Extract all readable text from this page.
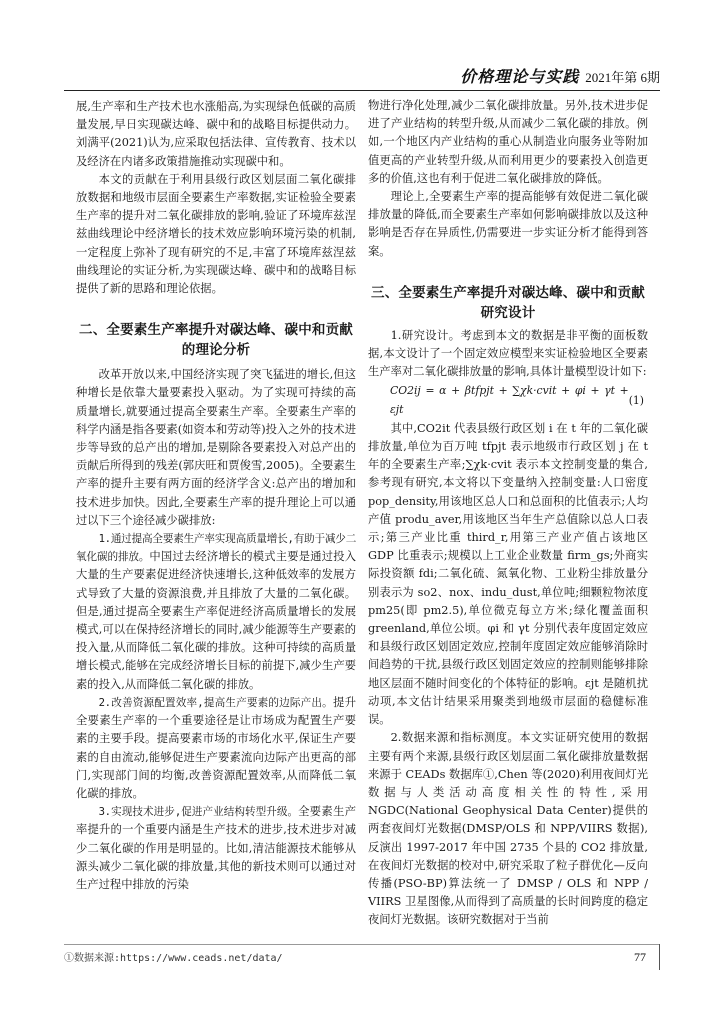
价格理论与实践 2021年第 6期

展,生产率和生产技术也水涨船高,为实现绿色低碳的高质量发展,早日实现碳达峰、碳中和的战略目标提供动力。刘满平(2021)认为,应采取包括法律、宣传教育、技术以及经济在内诸多政策措施推动实现碳中和。

本文的贡献在于利用县级行政区划层面二氧化碳排放数据和地级市层面全要素生产率数据,实证检验全要素生产率的提升对二氧化碳排放的影响,验证了环境库兹涅兹曲线理论中经济增长的技术效应影响环境污染的机制,一定程度上弥补了现有研究的不足,丰富了环境库兹涅兹曲线理论的实证分析,为实现碳达峰、碳中和的战略目标提供了新的思路和理论依据。

二、全要素生产率提升对碳达峰、碳中和贡献的理论分析

改革开放以来,中国经济实现了突飞猛进的增长,但这种增长是依靠大量要素投入驱动。为了实现可持续的高质量增长,就要通过提高全要素生产率。全要素生产率的科学内涵是指各要素(如资本和劳动等)投入之外的技术进步等导致的总产出的增加,是剔除各要素投入对总产出的贡献后所得到的残差(郭庆旺和贾俊雪,2005)。全要素生产率的提升主要有两方面的经济学含义:总产出的增加和技术进步加快。因此,全要素生产率的提升理论上可以通过以下三个途径减少碳排放:

1.通过提高全要素生产率实现高质量增长,有助于减少二氧化碳的排放。中国过去经济增长的模式主要是通过投入大量的生产要素促进经济快速增长,这种低效率的发展方式导致了大量的资源浪费,并且排放了大量的二氧化碳。但是,通过提高全要素生产率促进经济高质量增长的发展模式,可以在保持经济增长的同时,减少能源等生产要素的投入量,从而降低二氧化碳的排放。这种可持续的高质量增长模式,能够在完成经济增长目标的前提下,减少生产要素的投入,从而降低二氧化碳的排放。

2.改善资源配置效率,提高生产要素的边际产出。提升全要素生产率的一个重要途径是让市场成为配置生产要素的主要手段。提高要素市场的市场化水平,保证生产要素的自由流动,能够促进生产要素流向边际产出更高的部门,实现部门间的均衡,改善资源配置效率,从而降低二氧化碳的排放。

3.实现技术进步,促进产业结构转型升级。全要素生产率提升的一个重要内涵是生产技术的进步,技术进步对减少二氧化碳的作用是明显的。比如,清洁能源技术能够从源头减少二氧化碳的排放量,其他的新技术则可以通过对生产过程中排放的污染

物进行净化处理,减少二氧化碳排放量。另外,技术进步促进了产业结构的转型升级,从而减少二氧化碳的排放。例如,一个地区内产业结构的重心从制造业向服务业等附加值更高的产业转型升级,从而利用更少的要素投入创造更多的价值,这也有利于促进二氧化碳排放的降低。

理论上,全要素生产率的提高能够有效促进二氧化碳排放量的降低,而全要素生产率如何影响碳排放以及这种影响是否存在异质性,仍需要进一步实证分析才能得到答案。

三、全要素生产率提升对碳达峰、碳中和贡献研究设计

1.研究设计。考虑到本文的数据是非平衡的面板数据,本文设计了一个固定效应模型来实证检验地区全要素生产率对二氧化碳排放量的影响,具体计量模型设计如下:

CO2ij = α + βtfpjt + ∑χk·cvit + φi + γt + εjt
(1)

其中,CO2it 代表县级行政区划 i 在 t 年的二氧化碳排放量,单位为百万吨 tfpjt 表示地级市行政区划 j 在 t 年的全要素生产率;∑χk·cvit 表示本文控制变量的集合,参考现有研究,本文将以下变量纳入控制变量:人口密度 pop_density,用该地区总人口和总面积的比值表示;人均产值 produ_aver,用该地区当年生产总值除以总人口表示;第三产业比重 third_r,用第三产业产值占该地区 GDP 比重表示;规模以上工业企业数量 firm_gs;外商实际投资额 fdi;二氧化硫、氮氧化物、工业粉尘排放量分别表示为 so2、nox、indu_dust,单位吨;细颗粒物浓度 pm25(即 pm2.5),单位微克每立方米;绿化覆盖面积 greenland,单位公顷。φi 和 γt 分别代表年度固定效应和县级行政区划固定效应,控制年度固定效应能够消除时间趋势的干扰,县级行政区划固定效应的控制则能够排除地区层面不随时间变化的个体特征的影响。εjt 是随机扰动项,本文估计结果采用聚类到地级市层面的稳健标准误。

2.数据来源和指标测度。本文实证研究使用的数据主要有两个来源,县级行政区划层面二氧化碳排放量数据来源于 CEADs 数据库①,Chen 等(2020)利用夜间灯光数据与人类活动高度相关性的特性,采用 NGDC(National Geophysical Data Center)提供的两套夜间灯光数据(DMSP/OLS 和 NPP/VIIRS 数据),反演出 1997-2017 年中国 2735 个县的 CO2 排放量,在夜间灯光数据的校对中,研究采取了粒子群优化—反向传播(PSO-BP)算法统一了 DMSP / OLS 和 NPP / VIIRS 卫星图像,从而得到了高质量的长时间跨度的稳定夜间灯光数据。该研究数据对于当前

①数据来源:https://www.ceads.net/data/	77
